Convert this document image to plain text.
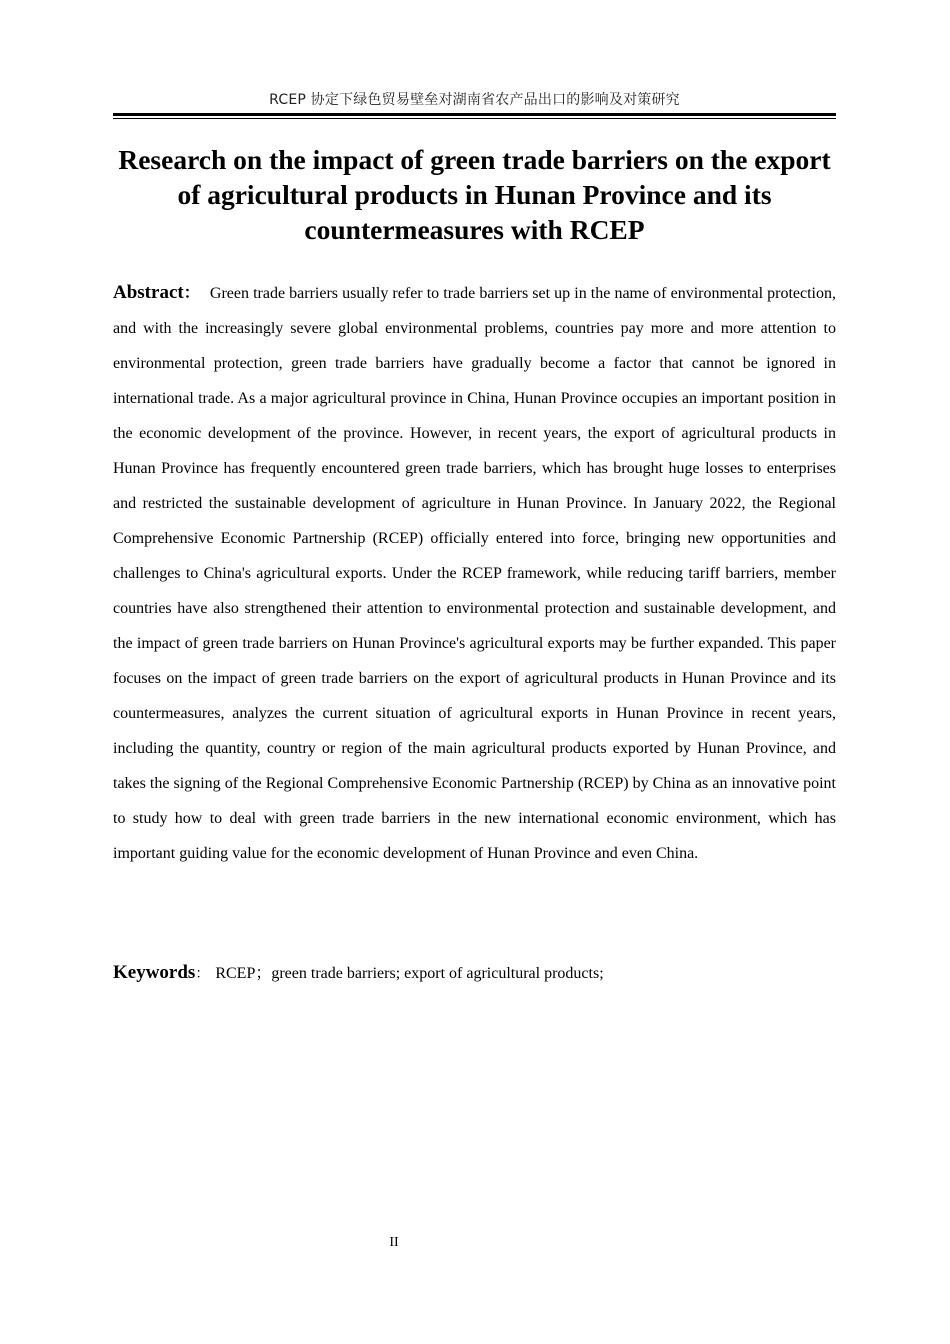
RCEP 协定下绿色贸易壁垒对湖南省农产品出口的影响及对策研究
Research on the impact of green trade barriers on the export of agricultural products in Hunan Province and its countermeasures with RCEP

Abstract： Green trade barriers usually refer to trade barriers set up in the name of environmental protection, and with the increasingly severe global environmental problems, countries pay more and more attention to environmental protection, green trade barriers have gradually become a factor that cannot be ignored in international trade. As a major agricultural province in China, Hunan Province occupies an important position in the economic development of the province. However, in recent years, the export of agricultural products in Hunan Province has frequently encountered green trade barriers, which has brought huge losses to enterprises and restricted the sustainable development of agriculture in Hunan Province. In January 2022, the Regional Comprehensive Economic Partnership (RCEP) officially entered into force, bringing new opportunities and challenges to China's agricultural exports. Under the RCEP framework, while reducing tariff barriers, member countries have also strengthened their attention to environmental protection and sustainable development, and the impact of green trade barriers on Hunan Province's agricultural exports may be further expanded. This paper focuses on the impact of green trade barriers on the export of agricultural products in Hunan Province and its countermeasures, analyzes the current situation of agricultural exports in Hunan Province in recent years, including the quantity, country or region of the main agricultural products exported by Hunan Province, and takes the signing of the Regional Comprehensive Economic Partnership (RCEP) by China as an innovative point to study how to deal with green trade barriers in the new international economic environment, which has important guiding value for the economic development of Hunan Province and even China.

Keywords： RCEP；green trade barriers; export of agricultural products;

II
